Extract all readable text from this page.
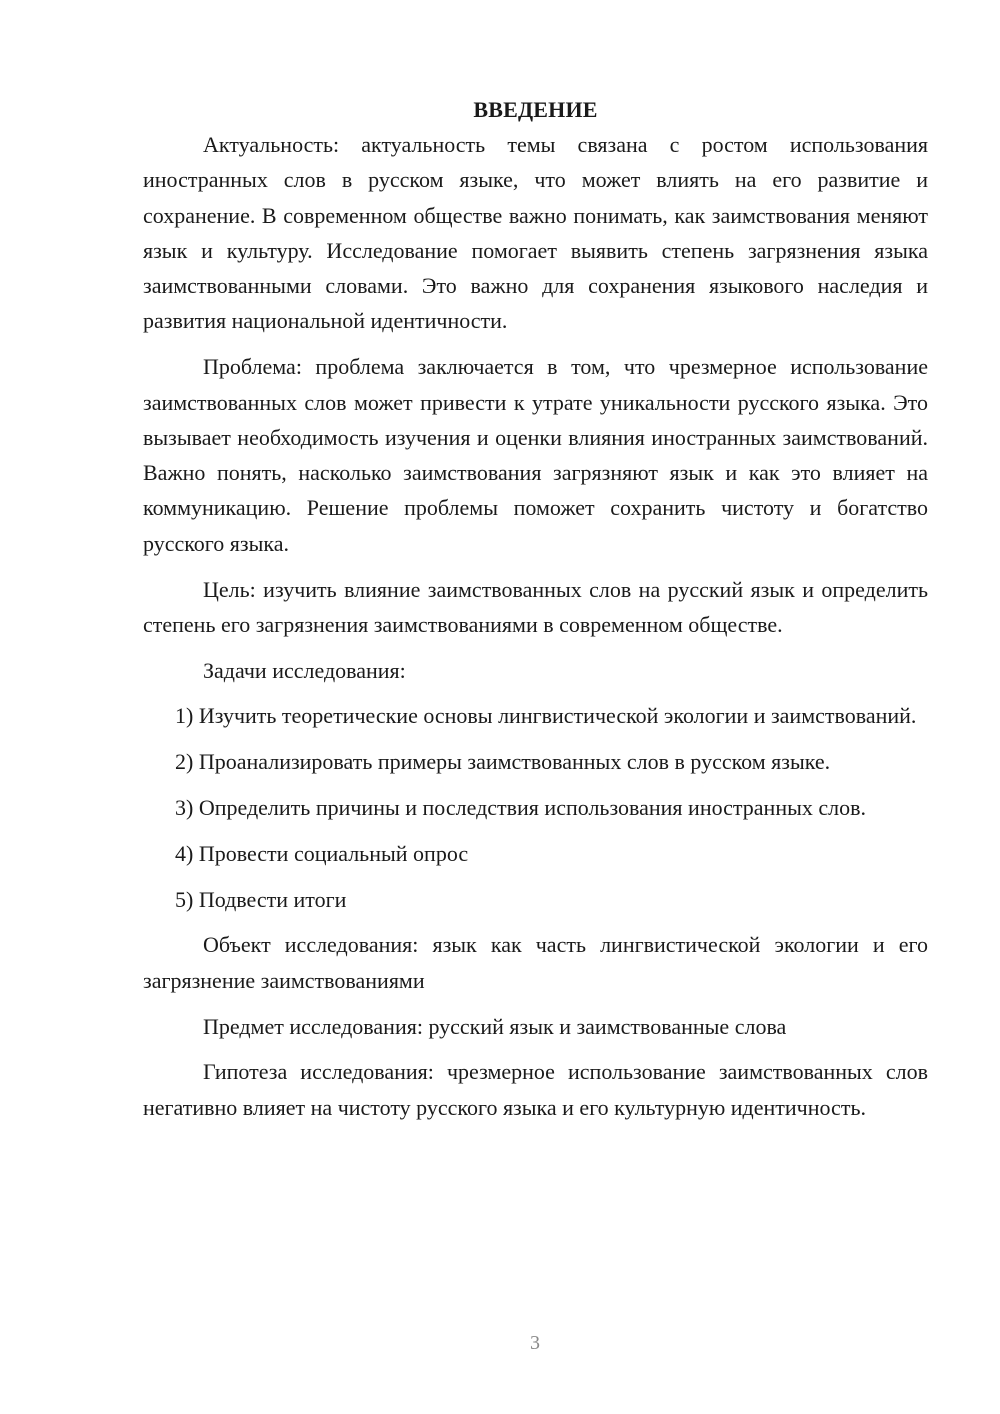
ВВЕДЕНИЕ

Актуальность: актуальность темы связана с ростом использования иностранных слов в русском языке, что может влиять на его развитие и сохранение. В современном обществе важно понимать, как заимствования меняют язык и культуру. Исследование помогает выявить степень загрязнения языка заимствованными словами. Это важно для сохранения языкового наследия и развития национальной идентичности.

Проблема: проблема заключается в том, что чрезмерное использование заимствованных слов может привести к утрате уникальности русского языка. Это вызывает необходимость изучения и оценки влияния иностранных заимствований. Важно понять, насколько заимствования загрязняют язык и как это влияет на коммуникацию. Решение проблемы поможет сохранить чистоту и богатство русского языка.

Цель: изучить влияние заимствованных слов на русский язык и определить степень его загрязнения заимствованиями в современном обществе.

Задачи исследования:

1) Изучить теоретические основы лингвистической экологии и заимствований.

2) Проанализировать примеры заимствованных слов в русском языке.

3) Определить причины и последствия использования иностранных слов.

4) Провести социальный опрос

5) Подвести итоги

Объект исследования: язык как часть лингвистической экологии и его загрязнение заимствованиями

Предмет исследования: русский язык и заимствованные слова

Гипотеза исследования: чрезмерное использование заимствованных слов негативно влияет на чистоту русского языка и его культурную идентичность.

3
